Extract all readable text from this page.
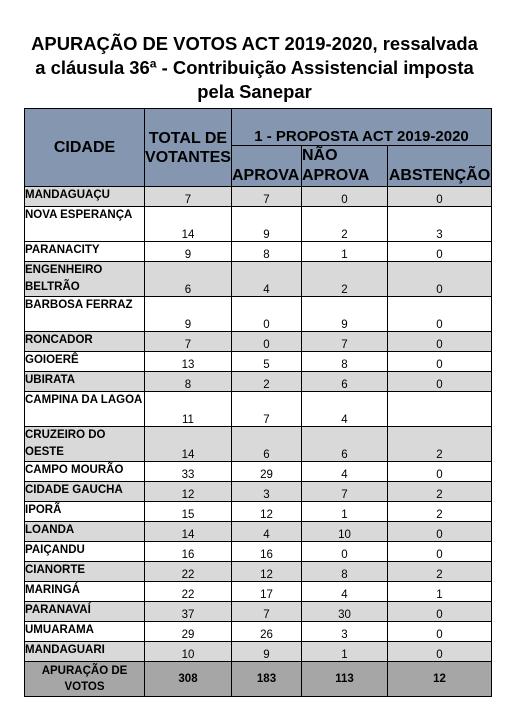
APURAÇÃO DE VOTOS ACT 2019-2020, ressalvada
a cláusula 36ª - Contribuição Assistencial imposta
pela Sanepar
CIDADE	TOTAL DE VOTANTES	1 - PROPOSTA ACT 2019-2020		
		APROVA	NÃO APROVA	ABSTENÇÃO
MANDAGUAÇU	7	7	0	0
NOVA ESPERANÇA	14	9	2	3
PARANACITY	9	8	1	0
ENGENHEIRO BELTRÃO	6	4	2	0
BARBOSA FERRAZ	9	0	9	0
RONCADOR	7	0	7	0
GOIOERÊ	13	5	8	0
UBIRATA	8	2	6	0
CAMPINA DA LAGOA	11	7	4	
CRUZEIRO DO OESTE	14	6	6	2
CAMPO MOURÃO	33	29	4	0
CIDADE GAUCHA	12	3	7	2
IPORÃ	15	12	1	2
LOANDA	14	4	10	0
PAIÇANDU	16	16	0	0
CIANORTE	22	12	8	2
MARINGÁ	22	17	4	1
PARANAVAÍ	37	7	30	0
UMUARAMA	29	26	3	0
MANDAGUARI	10	9	1	0
APURAÇÃO DE VOTOS	308	183	113	12
